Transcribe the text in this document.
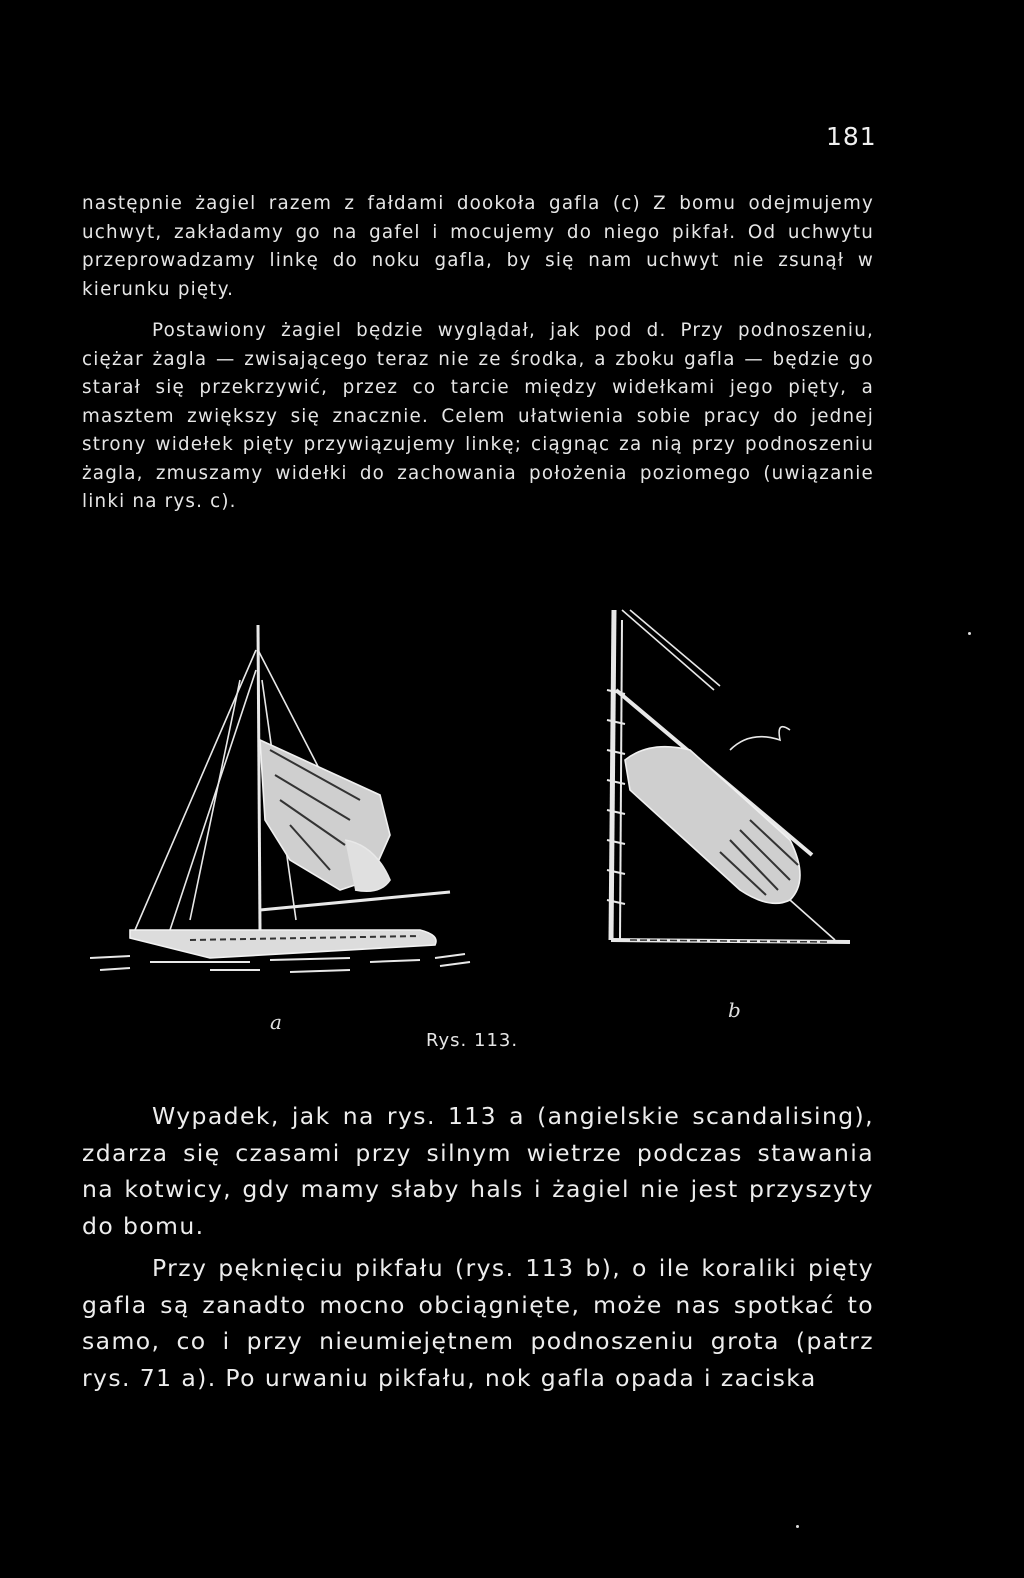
181

następnie żagiel razem z fałdami dookoła gafla (c) Z bomu odejmujemy uchwyt, zakładamy go na gafel i mocujemy do niego pikfał. Od uchwytu przeprowadzamy linkę do noku gafla, by się nam uchwyt nie zsunął w kierunku pięty.

Postawiony żagiel będzie wyglądał, jak pod d. Przy podnoszeniu, ciężar żagla — zwisającego teraz nie ze środka, a zboku gafla — będzie go starał się przekrzywić, przez co tarcie między widełkami jego pięty, a masztem zwiększy się znacznie. Celem ułatwienia sobie pracy do jednej strony widełek pięty przywiązujemy linkę; ciągnąc za nią przy podnoszeniu żagla, zmuszamy widełki do zachowania położenia poziomego (uwiązanie linki na rys. c).

a	b
Rys. 113.

Wypadek, jak na rys. 113 a (angielskie scandalising), zdarza się czasami przy silnym wietrze podczas stawania na kotwicy, gdy mamy słaby hals i żagiel nie jest przyszyty do bomu.

Przy pęknięciu pikfału (rys. 113 b), o ile koraliki pięty gafla są zanadto mocno obciągnięte, może nas spotkać to samo, co i przy nieumiejętnem podnoszeniu grota (patrz rys. 71 a). Po urwaniu pikfału, nok gafla opada i zaciska
